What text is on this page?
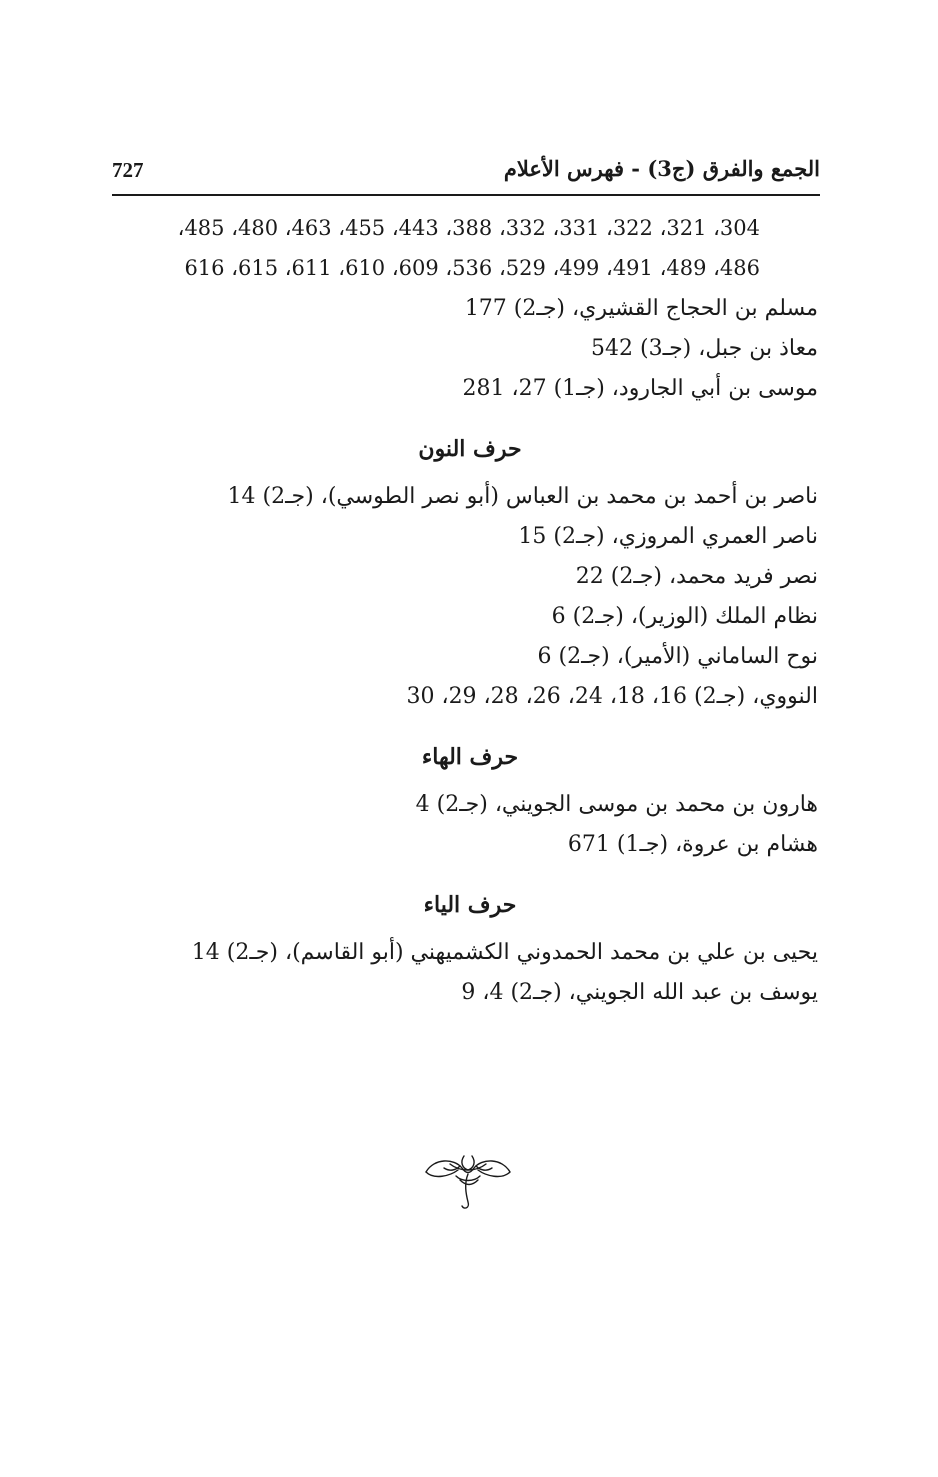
727	الجمع والفرق (ج3) - فهرس الأعلام
304، 321، 322، 331، 332، 388، 443، 455، 463، 480، 485،
486، 489، 491، 499، 529، 536، 609، 610، 611، 615، 616
مسلم بن الحجاج القشيري، (جـ2) 177
معاذ بن جبل، (جـ3) 542
موسى بن أبي الجارود، (جـ1) 27، 281
حرف النون
ناصر بن أحمد بن محمد بن العباس (أبو نصر الطوسي)، (جـ2) 14
ناصر العمري المروزي، (جـ2) 15
نصر فريد محمد، (جـ2) 22
نظام الملك (الوزير)، (جـ2) 6
نوح الساماني (الأمير)، (جـ2) 6
النووي، (جـ2) 16، 18، 24، 26، 28، 29، 30
حرف الهاء
هارون بن محمد بن موسى الجويني، (جـ2) 4
هشام بن عروة، (جـ1) 671
حرف الياء
يحيى بن علي بن محمد الحمدوني الكشميهني (أبو القاسم)، (جـ2) 14
يوسف بن عبد الله الجويني، (جـ2) 4، 9
